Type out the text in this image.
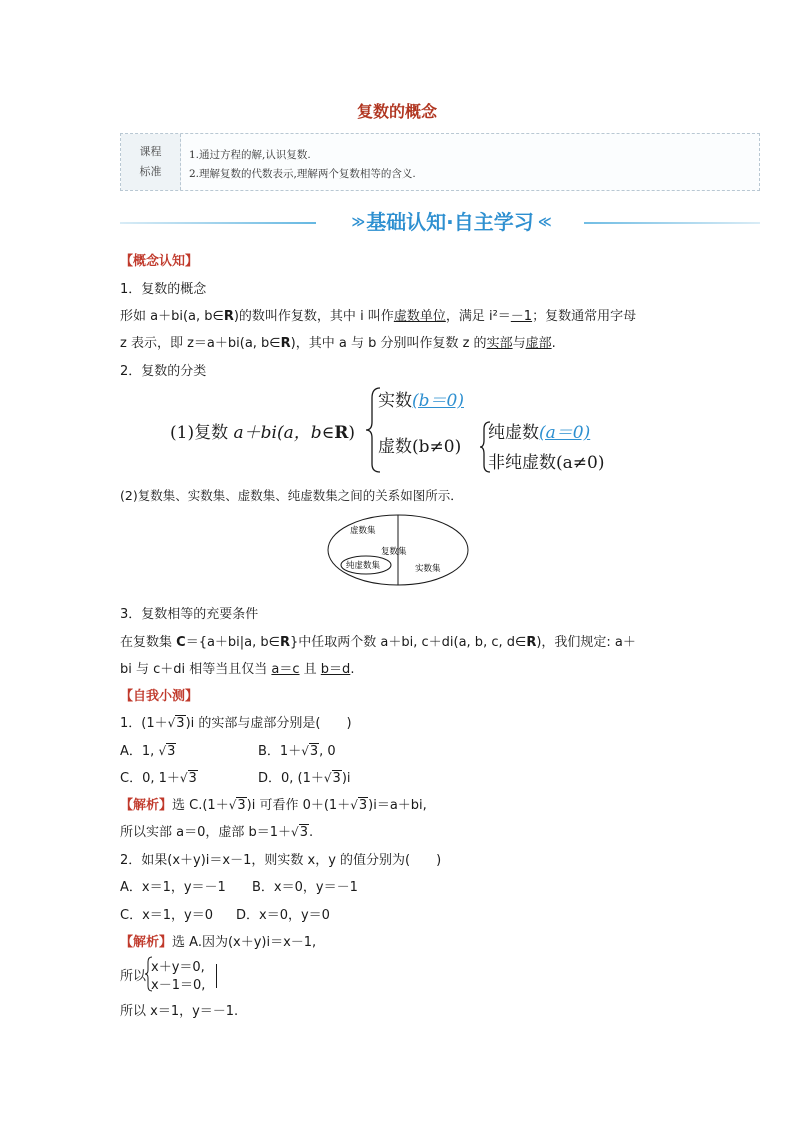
复数的概念
课程
标准
1.通过方程的解,认识复数.
2.理解复数的代数表示,理解两个复数相等的含义.
≫ 基础认知·自主学习 ≪
【概念认知】
1．复数的概念
形如 a＋bi(a, b∈R)的数叫作复数，其中 i 叫作虚数单位，满足 i²＝－1；复数通常用字母
z 表示，即 z＝a＋bi(a, b∈R)，其中 a 与 b 分别叫作复数 z 的实部与虚部.
2．复数的分类
(1)复数 a＋bi(a，b∈R)
实数(b＝0)
虚数(b≠0)
纯虚数(a＝0)
非纯虚数(a≠0)
(2)复数集、实数集、虚数集、纯虚数集之间的关系如图所示．
虚数集
复数集
纯虚数集	实数集
3．复数相等的充要条件
在复数集 C＝{a＋bi|a, b∈R}中任取两个数 a＋bi, c＋di(a, b, c, d∈R)，我们规定: a＋
bi 与 c＋di 相等当且仅当 a＝c 且 b＝d.
【自我小测】
1．(1＋√3)i 的实部与虚部分别是(　　)
A．1, √3	B．1＋√3, 0
C．0, 1＋√3	D．0, (1＋√3)i
【解析】选 C.(1＋√3)i 可看作 0＋(1＋√3)i＝a＋bi,
所以实部 a＝0，虚部 b＝1＋√3.
2．如果(x＋y)i＝x－1，则实数 x，y 的值分别为(　　)
A．x＝1，y＝－1 B．x＝0，y＝－1
C．x＝1，y＝0 D．x＝0，y＝0
【解析】选 A.因为(x＋y)i＝x－1,
所以
x＋y＝0,
x－1＝0,
所以 x＝1，y＝－1.
